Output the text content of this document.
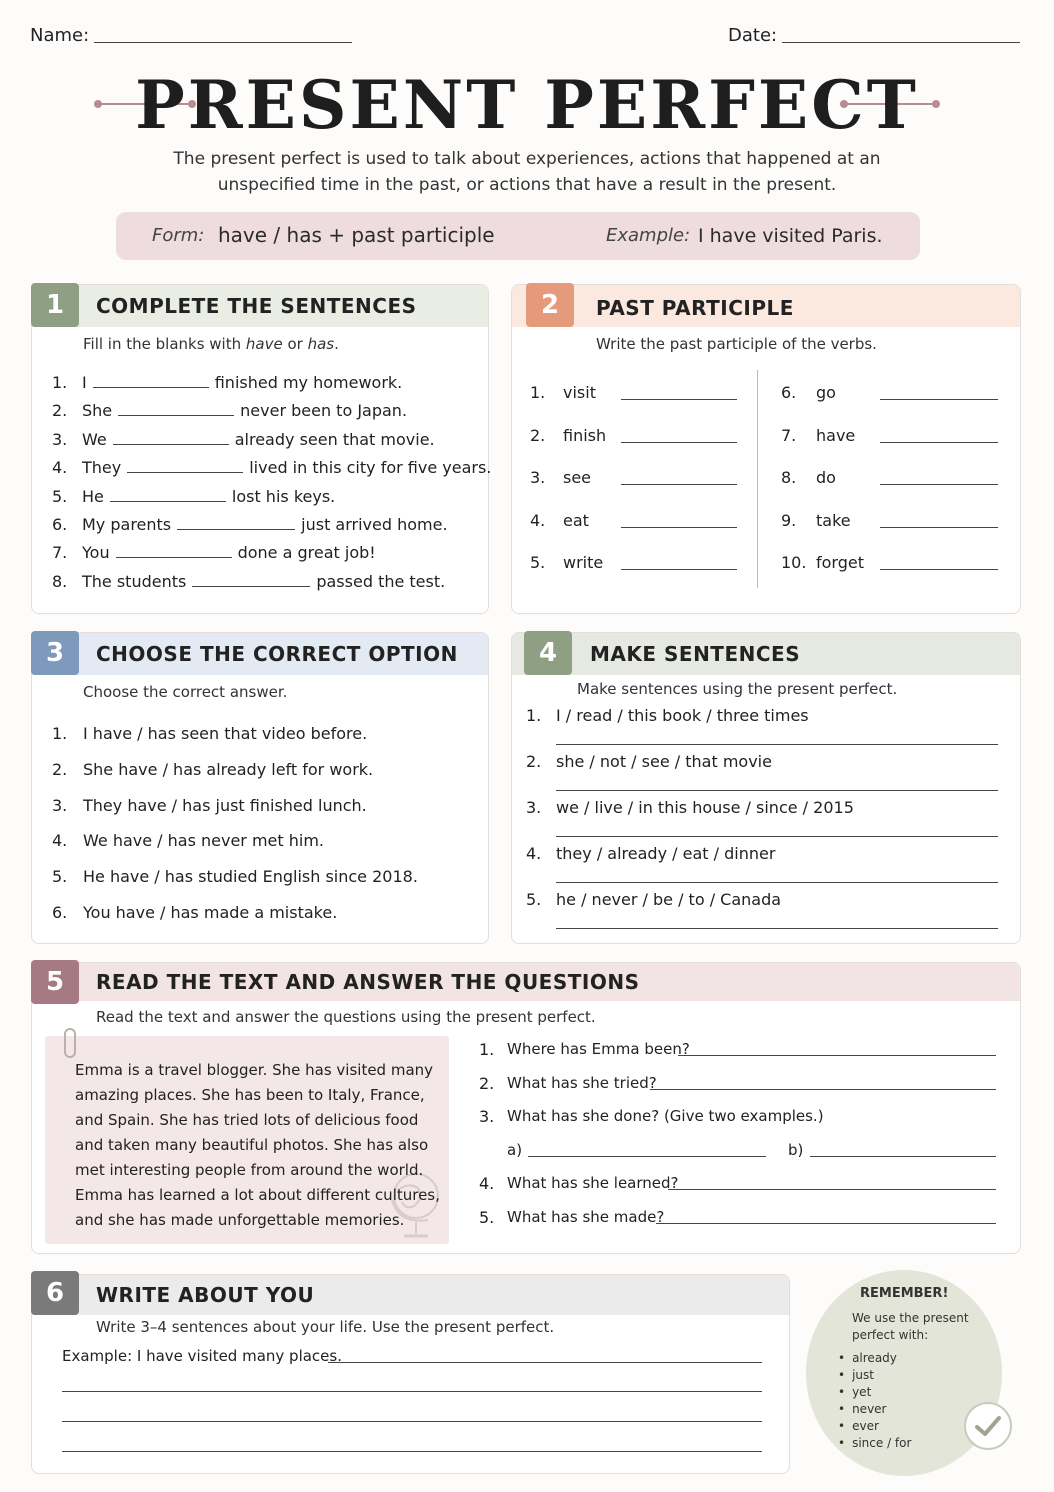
Name:	Date:
PRESENT PERFECT
The present perfect is used to talk about experiences, actions that happened at an
unspecified time in the past, or actions that have a result in the present.
Form: have / has + past participle	Example: I have visited Paris.
1	COMPLETE THE SENTENCES
Fill in the blanks with have or has.
1. I	finished my homework.
2. She	never been to Japan.
3. We	already seen that movie.
4. They	lived in this city for five years.
5. He	lost his keys.
6. My parents	just arrived home.
7. You	done a great job!
8. The students	passed the test.
2	PAST PARTICIPLE
Write the past participle of the verbs.
1. visit
2. finish
3. see
4. eat
5. write
6. go
7. have
8. do
9. take
10. forget
3	CHOOSE THE CORRECT OPTION
Choose the correct answer.
1. I have / has seen that video before.
2. She have / has already left for work.
3. They have / has just finished lunch.
4. We have / has never met him.
5. He have / has studied English since 2018.
6. You have / has made a mistake.
4	MAKE SENTENCES
Make sentences using the present perfect.
1. I / read / this book / three times
2. she / not / see / that movie
3. we / live / in this house / since / 2015
4. they / already / eat / dinner
5. he / never / be / to / Canada
5	READ THE TEXT AND ANSWER THE QUESTIONS
Read the text and answer the questions using the present perfect.
Emma is a travel blogger. She has visited many
amazing places. She has been to Italy, France,
and Spain. She has tried lots of delicious food
and taken many beautiful photos. She has also
met interesting people from around the world.
Emma has learned a lot about different cultures,
and she has made unforgettable memories.
1. Where has Emma been?
2. What has she tried?
3. What has she done? (Give two examples.)
a)	b)
4. What has she learned?
5. What has she made?
6	WRITE ABOUT YOU
Write 3–4 sentences about your life. Use the present perfect.
Example: I have visited many places.
REMEMBER!
We use the present
perfect with:
• already
• just
• yet
• never
• ever
• since / for
